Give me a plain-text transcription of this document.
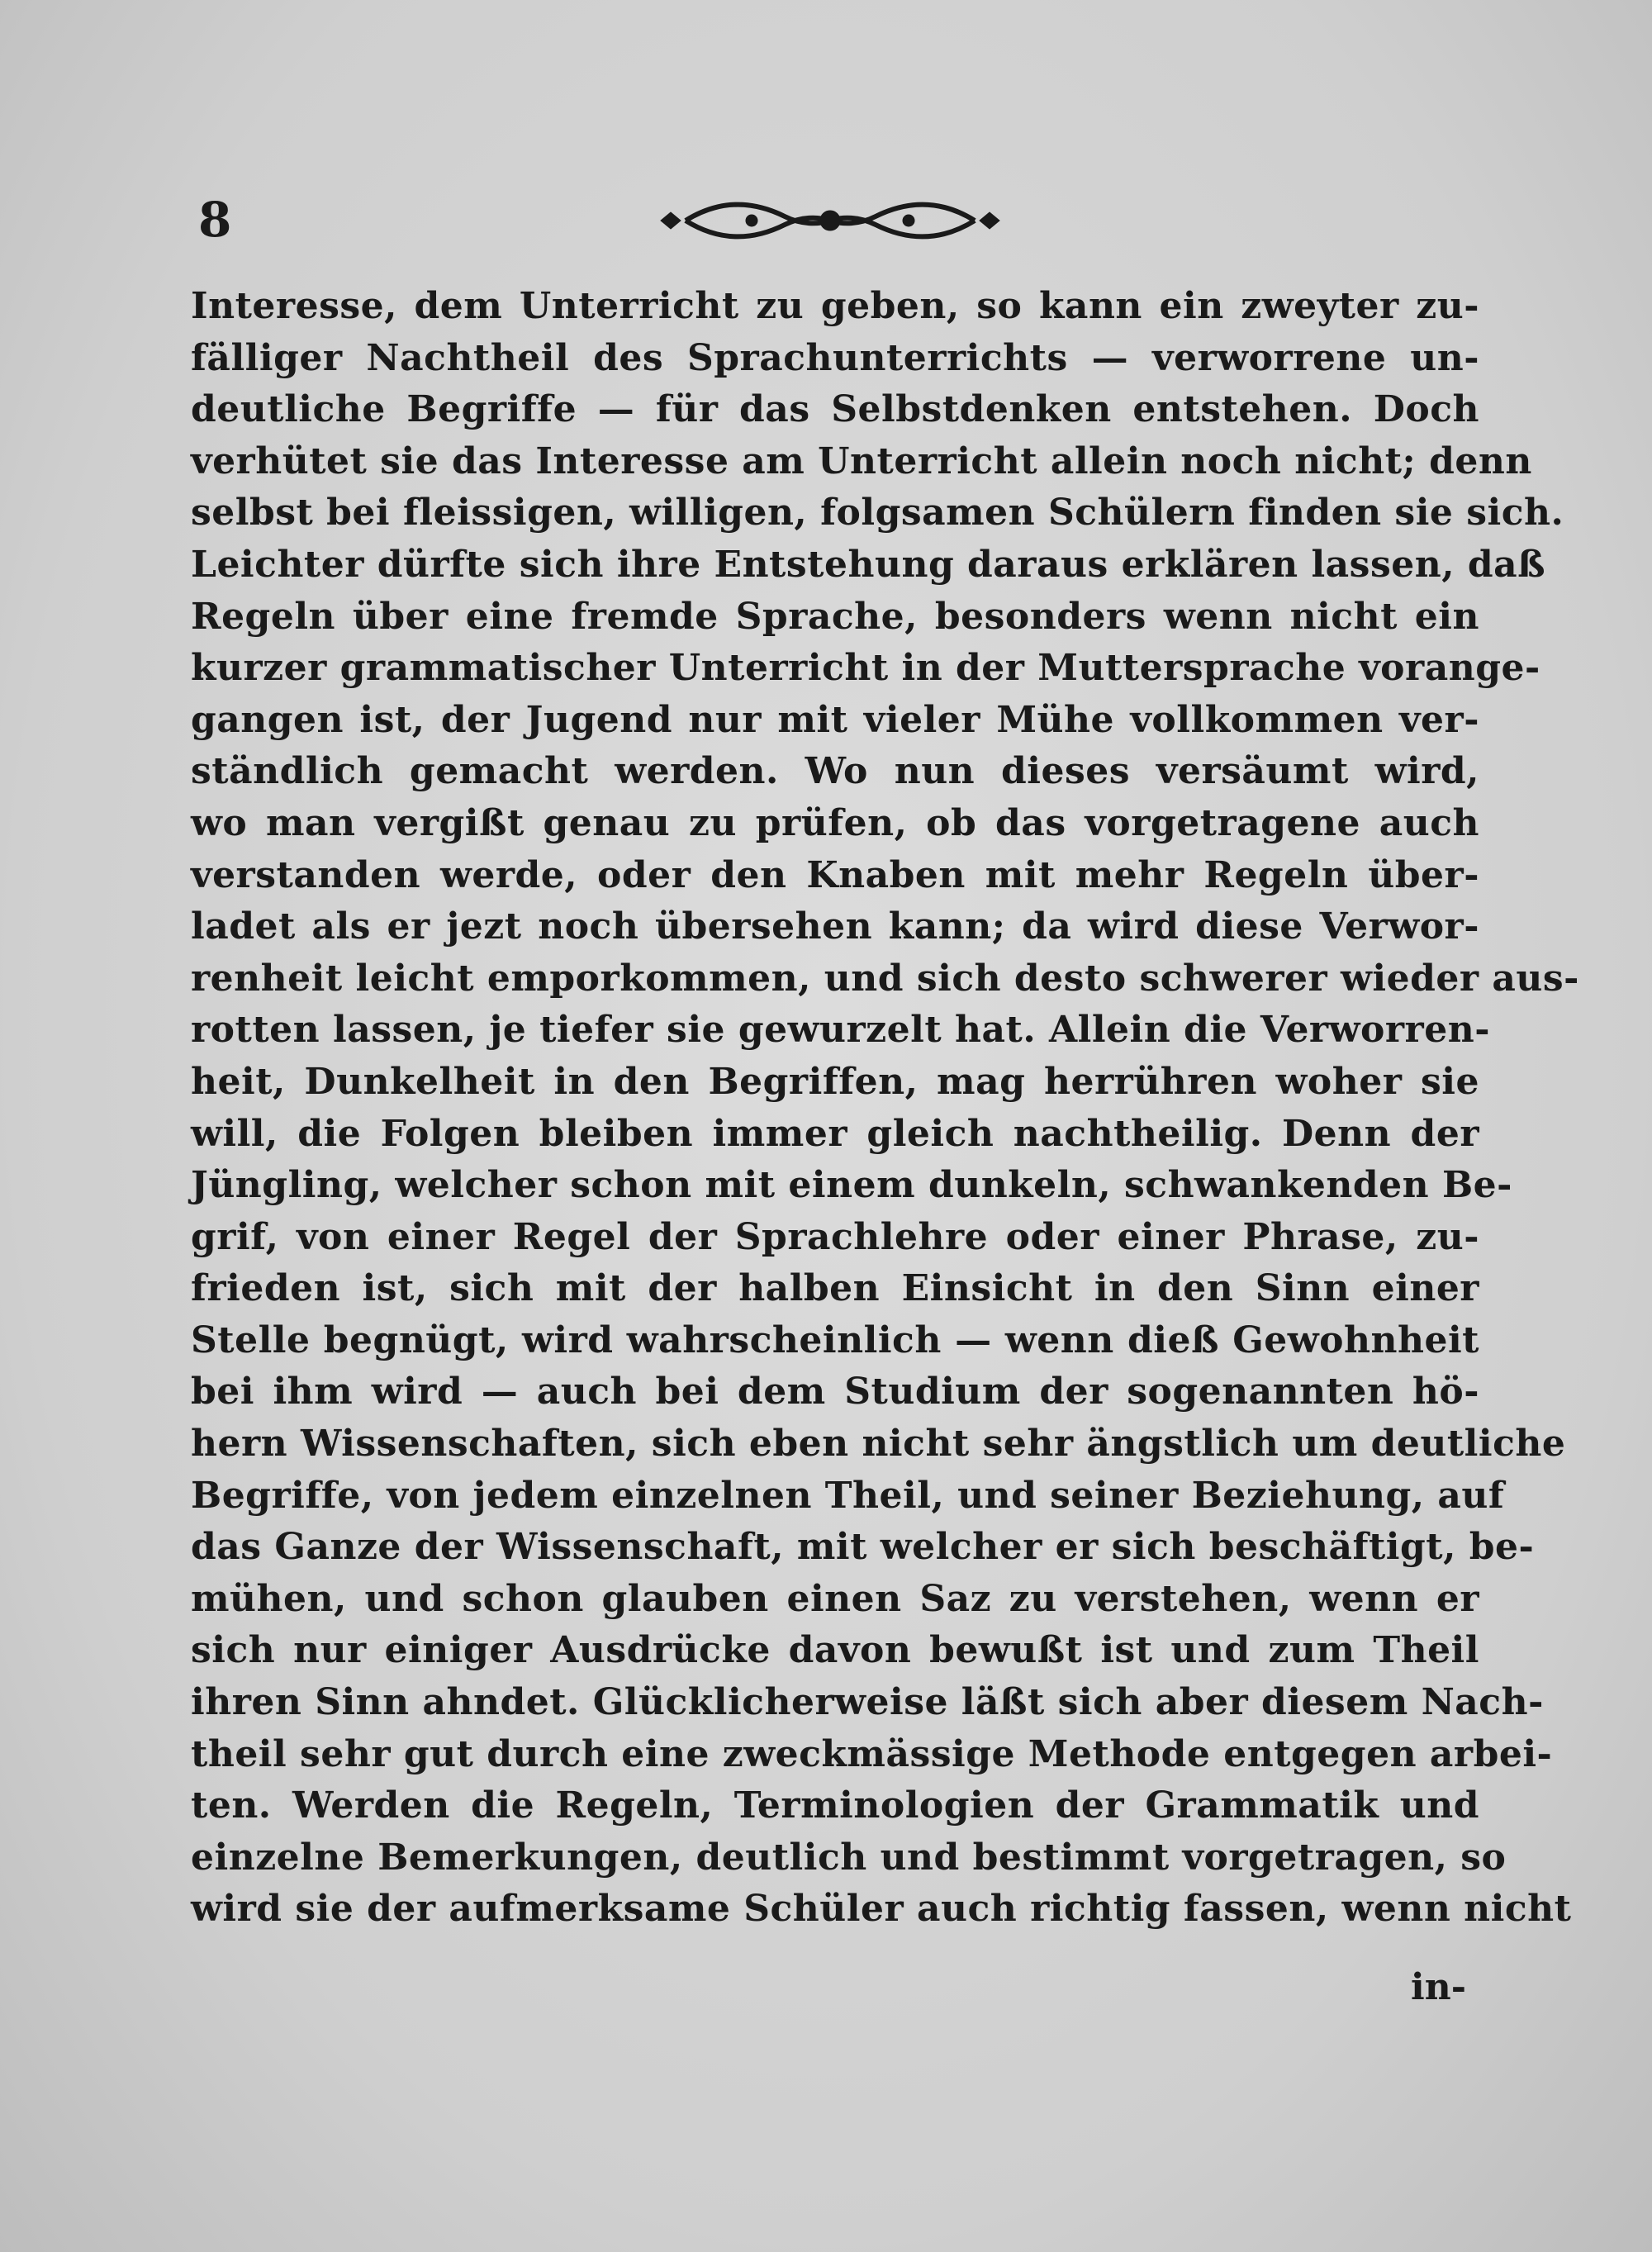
8
Interesse, dem Unterricht zu geben, so kann ein zweyter zu-
fälliger Nachtheil des Sprachunterrichts — verworrene un-
deutliche Begriffe — für das Selbstdenken entstehen. Doch
verhütet sie das Interesse am Unterricht allein noch nicht; denn
selbst bei fleissigen, willigen, folgsamen Schülern finden sie sich.
Leichter dürfte sich ihre Entstehung daraus erklären lassen, daß
Regeln über eine fremde Sprache, besonders wenn nicht ein
kurzer grammatischer Unterricht in der Muttersprache vorange-
gangen ist, der Jugend nur mit vieler Mühe vollkommen ver-
ständlich gemacht werden. Wo nun dieses versäumt wird,
wo man vergißt genau zu prüfen, ob das vorgetragene auch
verstanden werde, oder den Knaben mit mehr Regeln über-
ladet als er jezt noch übersehen kann; da wird diese Verwor-
renheit leicht emporkommen, und sich desto schwerer wieder aus-
rotten lassen, je tiefer sie gewurzelt hat. Allein die Verworren-
heit, Dunkelheit in den Begriffen, mag herrühren woher sie
will, die Folgen bleiben immer gleich nachtheilig. Denn der
Jüngling, welcher schon mit einem dunkeln, schwankenden Be-
grif, von einer Regel der Sprachlehre oder einer Phrase, zu-
frieden ist, sich mit der halben Einsicht in den Sinn einer
Stelle begnügt, wird wahrscheinlich — wenn dieß Gewohnheit
bei ihm wird — auch bei dem Studium der sogenannten hö-
hern Wissenschaften, sich eben nicht sehr ängstlich um deutliche
Begriffe, von jedem einzelnen Theil, und seiner Beziehung, auf
das Ganze der Wissenschaft, mit welcher er sich beschäftigt, be-
mühen, und schon glauben einen Saz zu verstehen, wenn er
sich nur einiger Ausdrücke davon bewußt ist und zum Theil
ihren Sinn ahndet. Glücklicherweise läßt sich aber diesem Nach-
theil sehr gut durch eine zweckmässige Methode entgegen arbei-
ten. Werden die Regeln, Terminologien der Grammatik und
einzelne Bemerkungen, deutlich und bestimmt vorgetragen, so
wird sie der aufmerksame Schüler auch richtig fassen, wenn nicht
in-
